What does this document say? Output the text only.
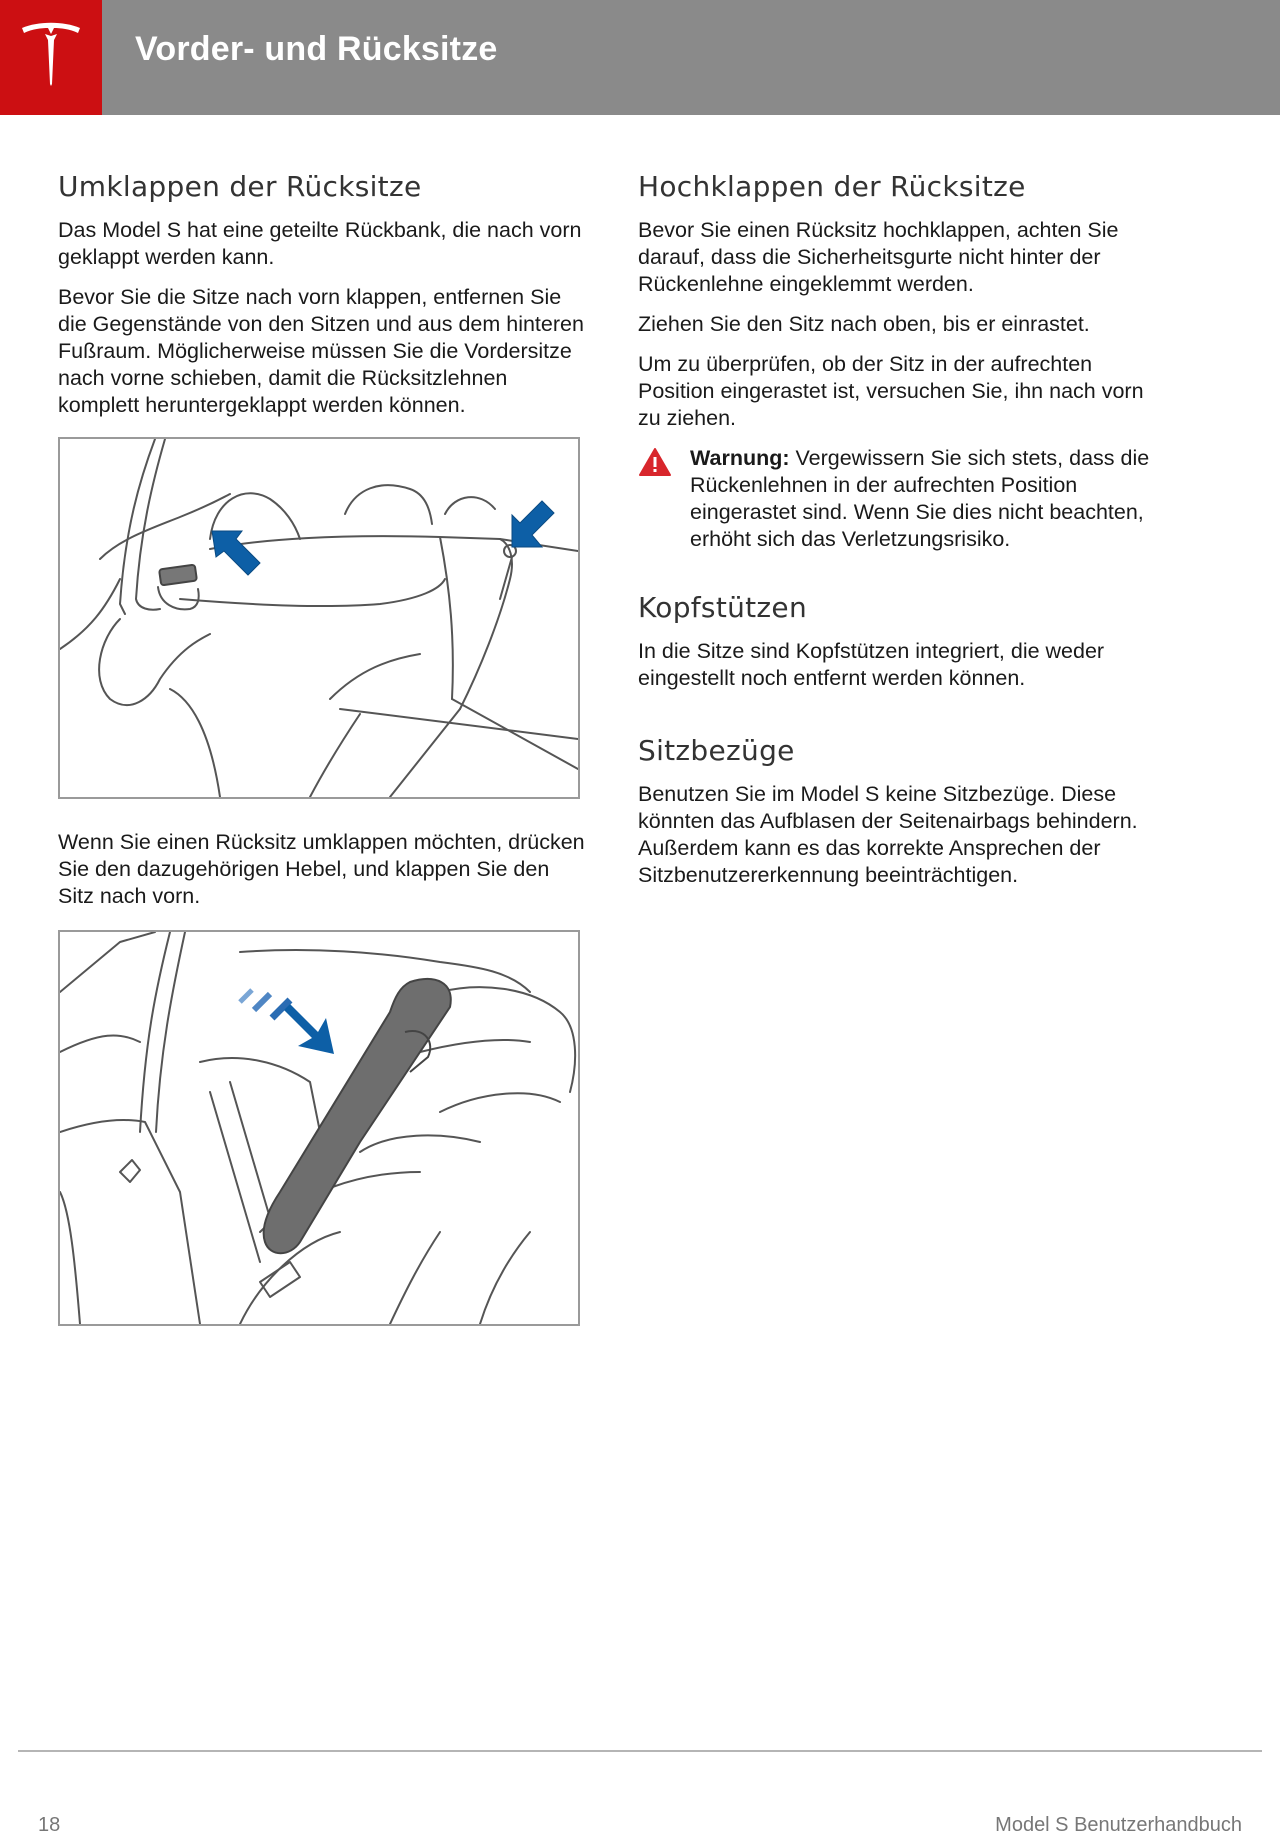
Vorder- und Rücksitze
Umklappen der Rücksitze

Das Model S hat eine geteilte Rückbank, die nach vorn geklappt werden kann.

Bevor Sie die Sitze nach vorn klappen, entfernen Sie die Gegenstände von den Sitzen und aus dem hinteren Fußraum. Möglicherweise müssen Sie die Vordersitze nach vorne schieben, damit die Rücksitzlehnen komplett heruntergeklappt werden können.

Wenn Sie einen Rücksitz umklappen möchten, drücken Sie den dazugehörigen Hebel, und klappen Sie den Sitz nach vorn.

Hochklappen der Rücksitze

Bevor Sie einen Rücksitz hochklappen, achten Sie darauf, dass die Sicherheitsgurte nicht hinter der Rückenlehne eingeklemmt werden.

Ziehen Sie den Sitz nach oben, bis er einrastet.

Um zu überprüfen, ob der Sitz in der aufrechten Position eingerastet ist, versuchen Sie, ihn nach vorn zu ziehen.

Warnung: Vergewissern Sie sich stets, dass die Rückenlehnen in der aufrechten Position eingerastet sind. Wenn Sie dies nicht beachten, erhöht sich das Verletzungsrisiko.

Kopfstützen

In die Sitze sind Kopfstützen integriert, die weder eingestellt noch entfernt werden können.

Sitzbezüge

Benutzen Sie im Model S keine Sitzbezüge. Diese könnten das Aufblasen der Seitenairbags behindern. Außerdem kann es das korrekte Ansprechen der Sitzbenutzererkennung beeinträchtigen.

18	Model S Benutzerhandbuch
